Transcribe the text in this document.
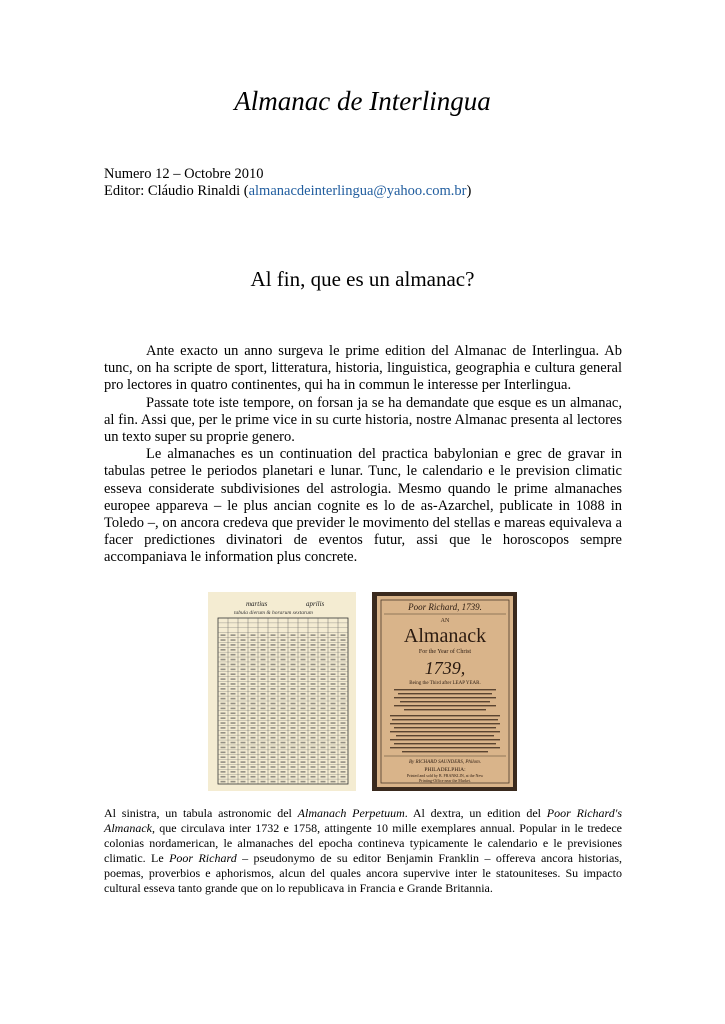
Almanac de Interlingua
Numero 12 – Octobre 2010
Editor: Cláudio Rinaldi (almanacdeinterlingua@yahoo.com.br)
Al fin, que es un almanac?

Ante exacto un anno surgeva le prime edition del Almanac de Interlingua. Ab tunc, on ha scripte de sport, litteratura, historia, linguistica, geographia e cultura general pro lectores in quatro continentes, qui ha in commun le interesse per Interlingua.

Passate tote iste tempore, on forsan ja se ha demandate que esque es un almanac, al fin. Assi que, per le prime vice in su curte historia, nostre Almanac presenta al lectores un texto super su proprie genero.

Le almanaches es un continuation del practica babylonian e grec de gravar in tabulas petree le periodos planetari e lunar. Tunc, le calendario e le prevision climatic esseva considerate subdivisiones del astrologia. Mesmo quando le prime almanaches europee appareva – le plus ancian cognite es lo de as-Azarchel, publicate in 1088 in Toledo –, on ancora credeva que previder le movimento del stellas e mareas equivaleva a facer predictiones divinatori de eventos futur, assi que le horoscopos sempre accompaniava le information plus concrete.

martius	aprilis
tabula dierum & horarum sextarum
Poor Richard, 1739.
AN
Almanack
For the Year of Christ
1739,
Being the Third after LEAP YEAR.
By RICHARD SAUNDERS, Philom.
PHILADELPHIA:
Printed and sold by B. FRANKLIN, at the New
Printing-Office near the Market.

Al sinistra, un tabula astronomic del Almanach Perpetuum. Al dextra, un edition del Poor Richard's Almanack, que circulava inter 1732 e 1758, attingente 10 mille exemplares annual. Popular in le tredece colonias nordamerican, le almanaches del epocha contineva typicamente le calendario e le previsiones climatic. Le Poor Richard – pseudonymo de su editor Benjamin Franklin – offereva ancora historias, poemas, proverbios e aphorismos, alcun del quales ancora supervive inter le statouniteses. Su impacto cultural esseva tanto grande que on lo republicava in Francia e Grande Britannia.
